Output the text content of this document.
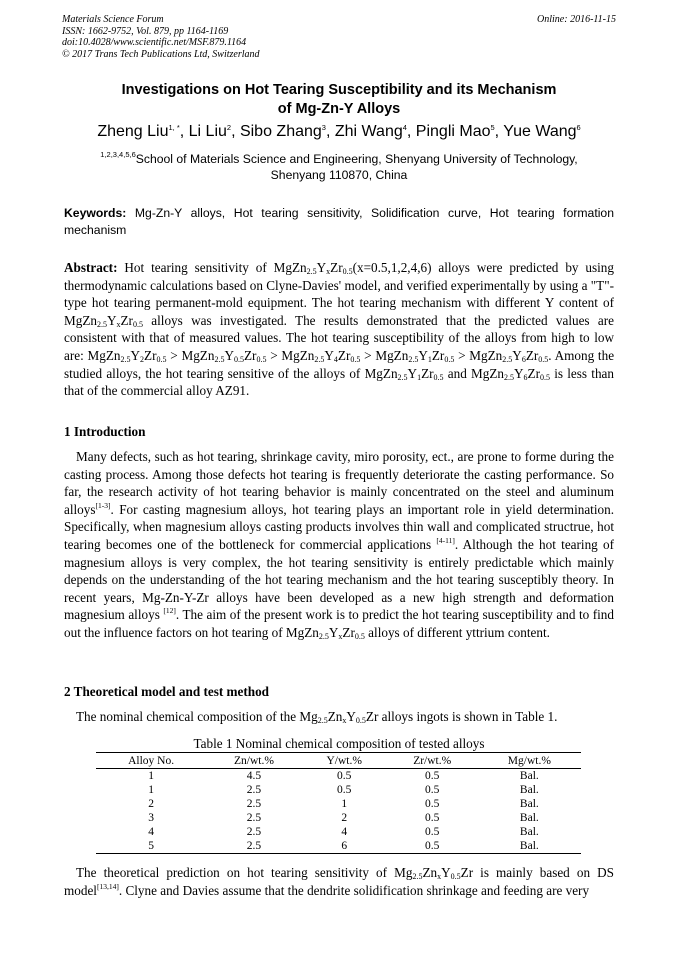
Materials Science Forum
ISSN: 1662-9752, Vol. 879, pp 1164-1169
doi:10.4028/www.scientific.net/MSF.879.1164
© 2017 Trans Tech Publications Ltd, Switzerland
Online: 2016-11-15
Investigations on Hot Tearing Susceptibility and its Mechanism
of Mg-Zn-Y Alloys
Zheng Liu$^{1, *}$, Li Liu$^2$, Sibo Zhang$^3$, Zhi Wang$^4$, Pingli Mao$^5$, Yue Wang$^6$
$^{1,2,3,4,5,6}$School of Materials Science and Engineering, Shenyang University of Technology,
Shenyang 110870, China
Keywords: Mg-Zn-Y alloys, Hot tearing sensitivity, Solidification curve, Hot tearing formation mechanism
Abstract: Hot tearing sensitivity of $MgZn_{2.5}Y_xZr_{0.5}(x=0.5,1,2,4,6)$ alloys were predicted by using thermodynamic calculations based on Clyne-Davies' model, and verified experimentally by using a "T"-type hot tearing permanent-mold equipment. The hot tearing mechanism with different Y content of $MgZn_{2.5}Y_xZr_{0.5}$ alloys was investigated. The results demonstrated that the predicted values are consistent with that of measured values. The hot tearing susceptibility of the alloys from high to low are: $MgZn_{2.5}Y_2Zr_{0.5}$ > $MgZn_{2.5}Y_{0.5}Zr_{0.5}$ > $MgZn_{2.5}Y_4Zr_{0.5}$ > $MgZn_{2.5}Y_1Zr_{0.5}$ > $MgZn_{2.5}Y_6Zr_{0.5}$. Among the studied alloys, the hot tearing sensitive of the alloys of $MgZn_{2.5}Y_1Zr_{0.5}$ and $MgZn_{2.5}Y_6Zr_{0.5}$ is less than that of the commercial alloy AZ91.
1 Introduction
Many defects, such as hot tearing, shrinkage cavity, miro porosity, ect., are prone to forme during the casting process. Among those defects hot tearing is frequently deteriorate the casting performance. So far, the research activity of hot tearing behavior is mainly concentrated on the steel and aluminum alloys[1-3]. For casting magnesium alloys, hot tearing plays an important role in yield determination. Specifically, when magnesium alloys casting products involves thin wall and complicated structrue, hot tearing becomes one of the bottleneck for commercial applications [4-11]. Although the hot tearing of magnesium alloys is very complex, the hot tearing sensitivity is entirely predictable which mainly depends on the understanding of the hot tearing mechanism and the hot tearing susceptibly theory. In recent years, Mg-Zn-Y-Zr alloys have been developed as a new high strength and deformation magnesium alloys [12]. The aim of the present work is to predict the hot tearing susceptibility and to find out the influence factors on hot tearing of $MgZn_{2.5}Y_xZr_{0.5}$ alloys of different yttrium content.
2 Theoretical model and test method
The nominal chemical composition of the $Mg_{2.5}Zn_xY_{0.5}Zr$ alloys ingots is shown in Table 1.
Table 1 Nominal chemical composition of tested alloys
Alloy No.	Zn/wt.%	Y/wt.%	Zr/wt.%	Mg/wt.%
1	4.5	0.5	0.5	Bal.
1	2.5	0.5	0.5	Bal.
2	2.5	1	0.5	Bal.
3	2.5	2	0.5	Bal.
4	2.5	4	0.5	Bal.
5	2.5	6	0.5	Bal.
The theoretical prediction on hot tearing sensitivity of $Mg_{2.5}Zn_xY_{0.5}Zr$ is mainly based on DS model[13,14]. Clyne and Davies assume that the dendrite solidification shrinkage and feeding are very
